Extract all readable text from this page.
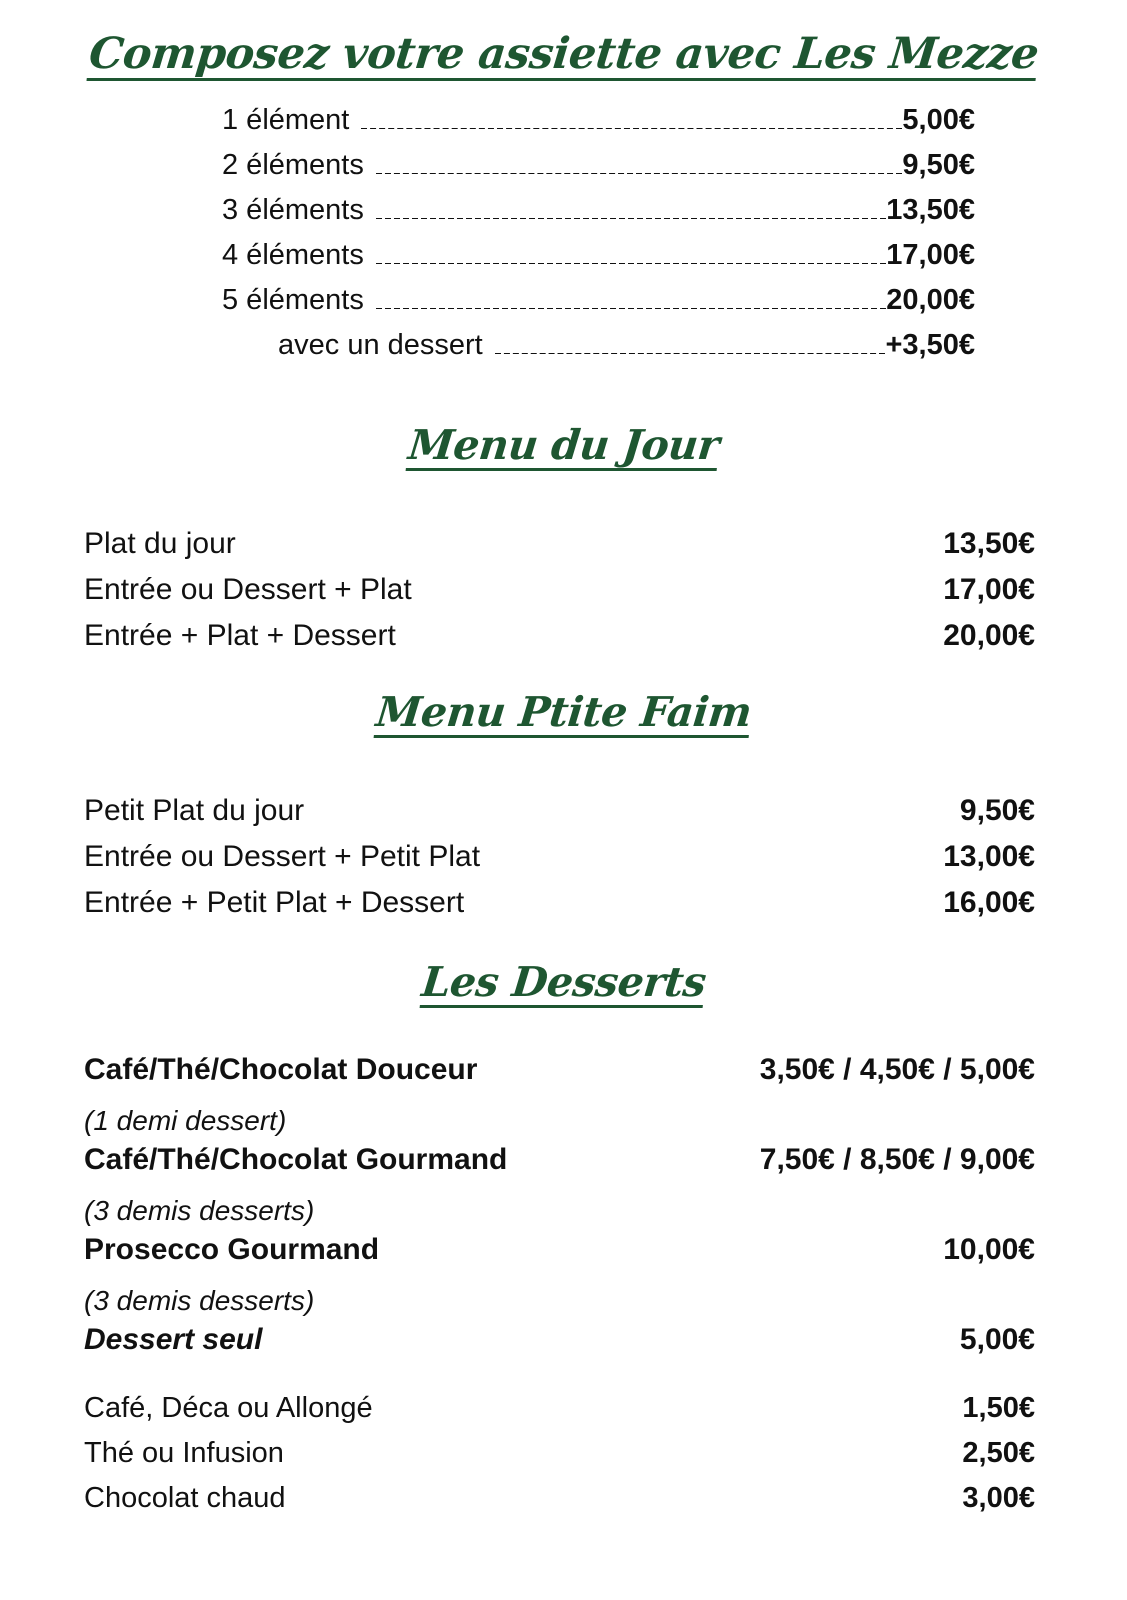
Composez votre assiette avec Les Mezze
1 élément	5,00€
2 éléments	9,50€
3 éléments	13,50€
4 éléments	17,00€
5 éléments	20,00€
avec un dessert	+3,50€
Menu du Jour
Plat du jour	13,50€
Entrée ou Dessert + Plat	17,00€
Entrée + Plat + Dessert	20,00€
Menu Ptite Faim
Petit Plat du jour	9,50€
Entrée ou Dessert + Petit Plat	13,00€
Entrée + Petit Plat + Dessert	16,00€
Les Desserts
Café/Thé/Chocolat Douceur	3,50€ / 4,50€ / 5,00€
(1 demi dessert)
Café/Thé/Chocolat Gourmand	7,50€ / 8,50€ / 9,00€
(3 demis desserts)
Prosecco Gourmand	10,00€
(3 demis desserts)
Dessert seul	5,00€
Café, Déca ou Allongé	1,50€
Thé ou Infusion	2,50€
Chocolat chaud	3,00€
